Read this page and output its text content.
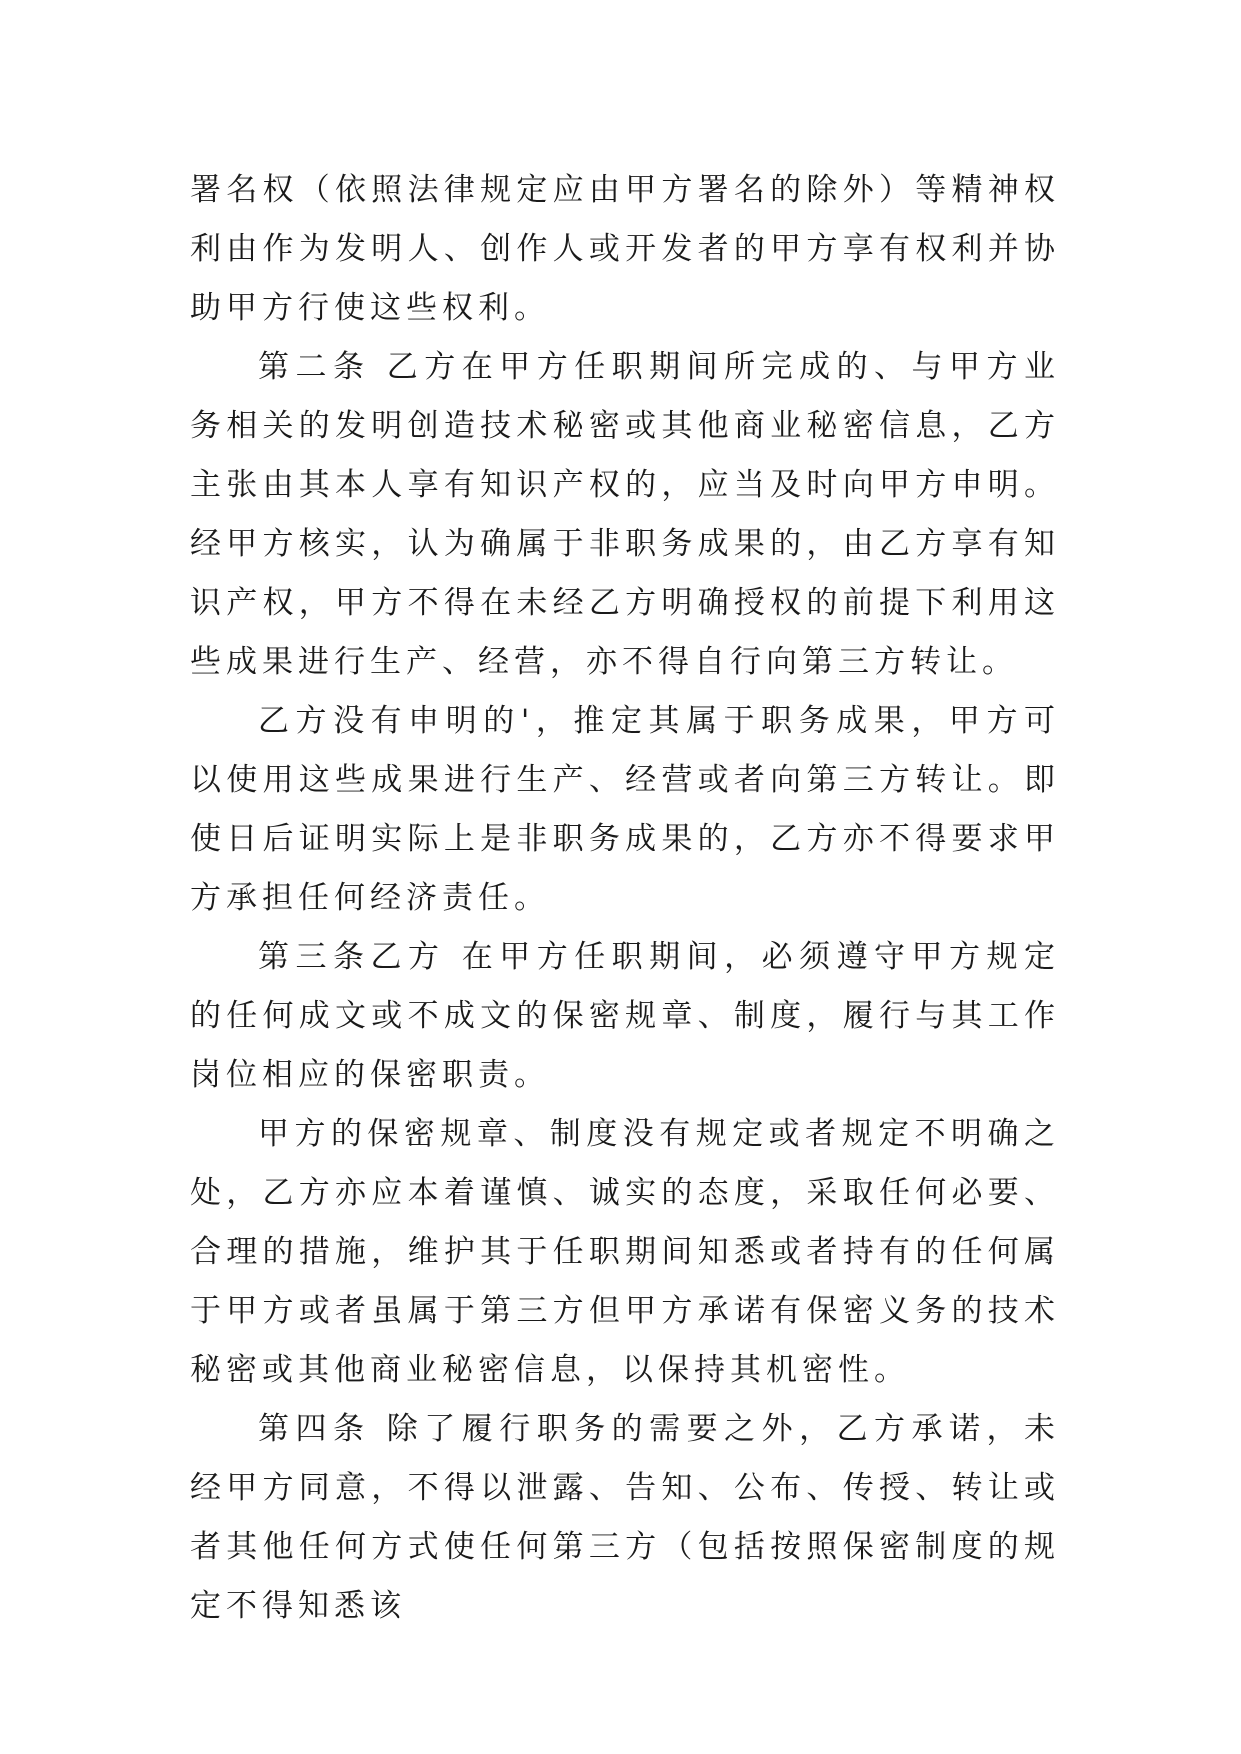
署名权（依照法律规定应由甲方署名的除外）等精神权利由作为发明人、创作人或开发者的甲方享有权利并协助甲方行使这些权利。

第二条 乙方在甲方任职期间所完成的、与甲方业务相关的发明创造技术秘密或其他商业秘密信息，乙方主张由其本人享有知识产权的，应当及时向甲方申明。经甲方核实，认为确属于非职务成果的，由乙方享有知识产权，甲方不得在未经乙方明确授权的前提下利用这些成果进行生产、经营，亦不得自行向第三方转让。

乙方没有申明的'，推定其属于职务成果，甲方可以使用这些成果进行生产、经营或者向第三方转让。即使日后证明实际上是非职务成果的，乙方亦不得要求甲方承担任何经济责任。

第三条乙方 在甲方任职期间，必须遵守甲方规定的任何成文或不成文的保密规章、制度，履行与其工作岗位相应的保密职责。

甲方的保密规章、制度没有规定或者规定不明确之处，乙方亦应本着谨慎、诚实的态度，采取任何必要、合理的措施，维护其于任职期间知悉或者持有的任何属于甲方或者虽属于第三方但甲方承诺有保密义务的技术秘密或其他商业秘密信息，以保持其机密性。

第四条 除了履行职务的需要之外，乙方承诺，未经甲方同意，不得以泄露、告知、公布、传授、转让或者其他任何方式使任何第三方（包括按照保密制度的规定不得知悉该
